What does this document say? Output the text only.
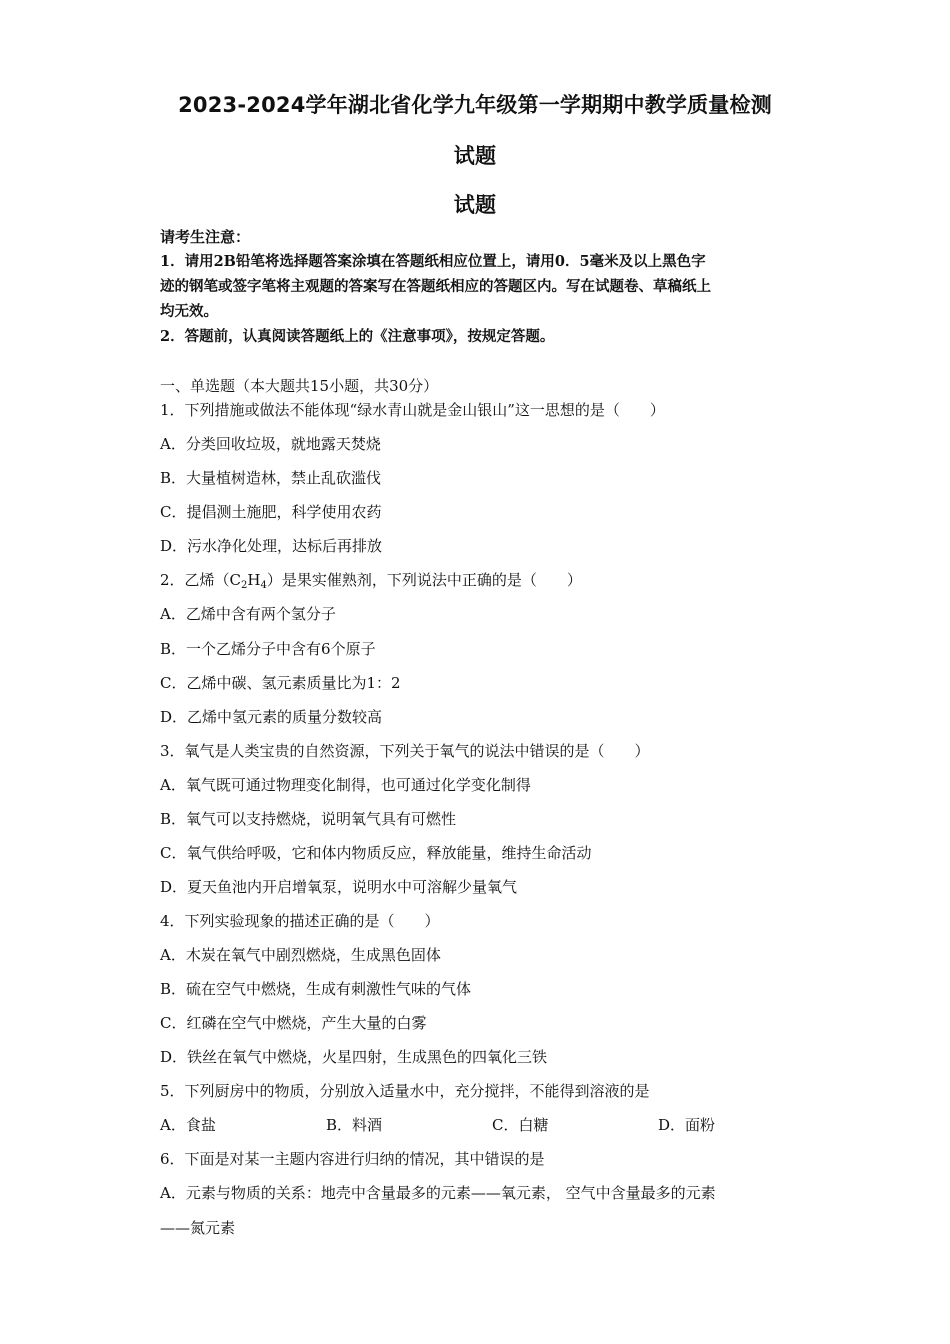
2023-2024学年湖北省化学九年级第一学期期中教学质量检测
试题
试题
请考生注意：
1．请用2B铅笔将选择题答案涂填在答题纸相应位置上，请用0．5毫米及以上黑色字
迹的钢笔或签字笔将主观题的答案写在答题纸相应的答题区内。写在试题卷、草稿纸上
均无效。
2．答题前，认真阅读答题纸上的《注意事项》，按规定答题。
一、单选题（本大题共15小题，共30分）
1．下列措施或做法不能体现“绿水青山就是金山银山”这一思想的是（　　）
A．分类回收垃圾，就地露天焚烧
B．大量植树造林，禁止乱砍滥伐
C．提倡测土施肥，科学使用农药
D．污水净化处理，达标后再排放
2．乙烯$(C_2H_4)$是果实催熟剂，下列说法中正确的是（　　）
A．乙烯中含有两个氢分子
B．一个乙烯分子中含有6个原子
C．乙烯中碳、氢元素质量比为1：2
D．乙烯中氢元素的质量分数较高
3．氧气是人类宝贵的自然资源，下列关于氧气的说法中错误的是（　　）
A．氧气既可通过物理变化制得，也可通过化学变化制得
B．氧气可以支持燃烧，说明氧气具有可燃性
C．氧气供给呼吸，它和体内物质反应，释放能量，维持生命活动
D．夏天鱼池内开启增氧泵，说明水中可溶解少量氧气
4．下列实验现象的描述正确的是（　　）
A．木炭在氧气中剧烈燃烧，生成黑色固体
B．硫在空气中燃烧，生成有刺激性气味的气体
C．红磷在空气中燃烧，产生大量的白雾
D．铁丝在氧气中燃烧，火星四射，生成黑色的四氧化三铁
5．下列厨房中的物质，分别放入适量水中，充分搅拌，不能得到溶液的是
A．食盐	B．料酒	C．白糖	D．面粉
6．下面是对某一主题内容进行归纳的情况，其中错误的是
A．元素与物质的关系：地壳中含量最多的元素——氧元素， 空气中含量最多的元素
——氮元素
